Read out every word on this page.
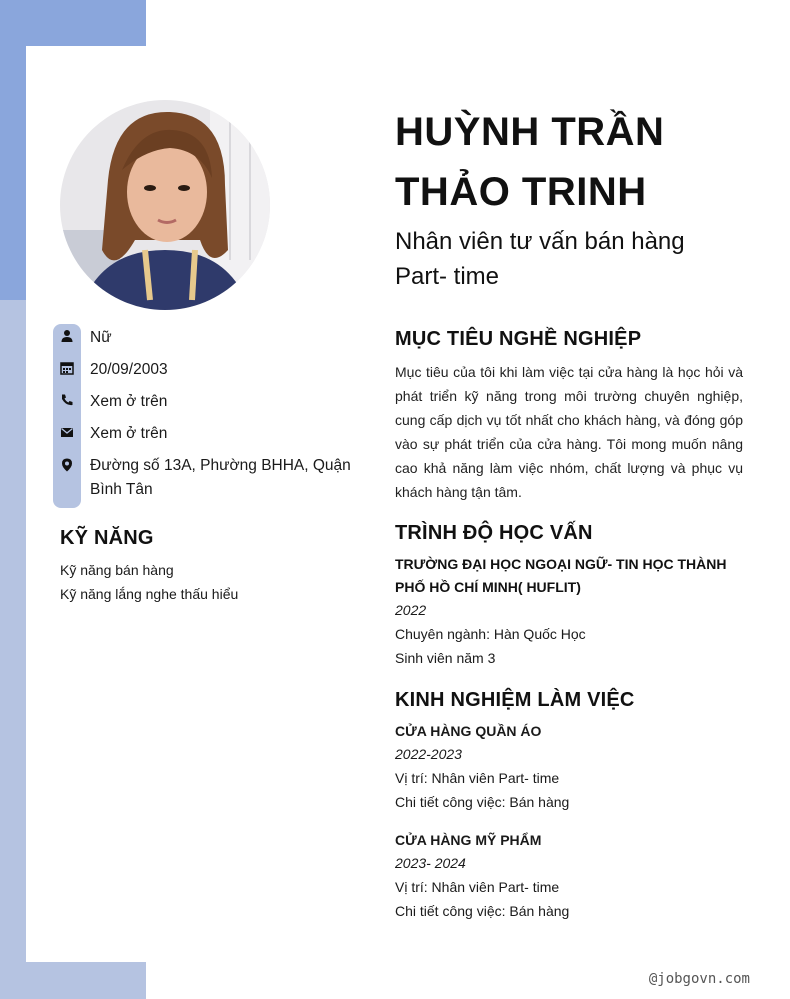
Nữ
20/09/2003
Xem ở trên
Xem ở trên
Đường số 13A, Phường BHHA, Quận Bình Tân
KỸ NĂNG
Kỹ năng bán hàng
Kỹ năng lắng nghe thấu hiểu
HUỲNH TRẦN
THẢO TRINH
Nhân viên tư vấn bán hàng
Part- time
MỤC TIÊU NGHỀ NGHIỆP
Mục tiêu của tôi khi làm việc tại cửa hàng là học hỏi và phát triển kỹ năng trong môi trường chuyên nghiệp, cung cấp dịch vụ tốt nhất cho khách hàng, và đóng góp vào sự phát triển của cửa hàng. Tôi mong muốn nâng cao khả năng làm việc nhóm, chất lượng và phục vụ khách hàng tận tâm.
TRÌNH ĐỘ HỌC VẤN
TRƯỜNG ĐẠI HỌC NGOẠI NGỮ- TIN HỌC THÀNH PHỐ HỒ CHÍ MINH( HUFLIT)
2022
Chuyên ngành: Hàn Quốc Học
Sinh viên năm 3
KINH NGHIỆM LÀM VIỆC
CỬA HÀNG QUẦN ÁO
2022-2023
Vị trí: Nhân viên Part- time
Chi tiết công việc: Bán hàng
CỬA HÀNG MỸ PHẨM
2023- 2024
Vị trí: Nhân viên Part- time
Chi tiết công việc: Bán hàng
@jobgovn.com
